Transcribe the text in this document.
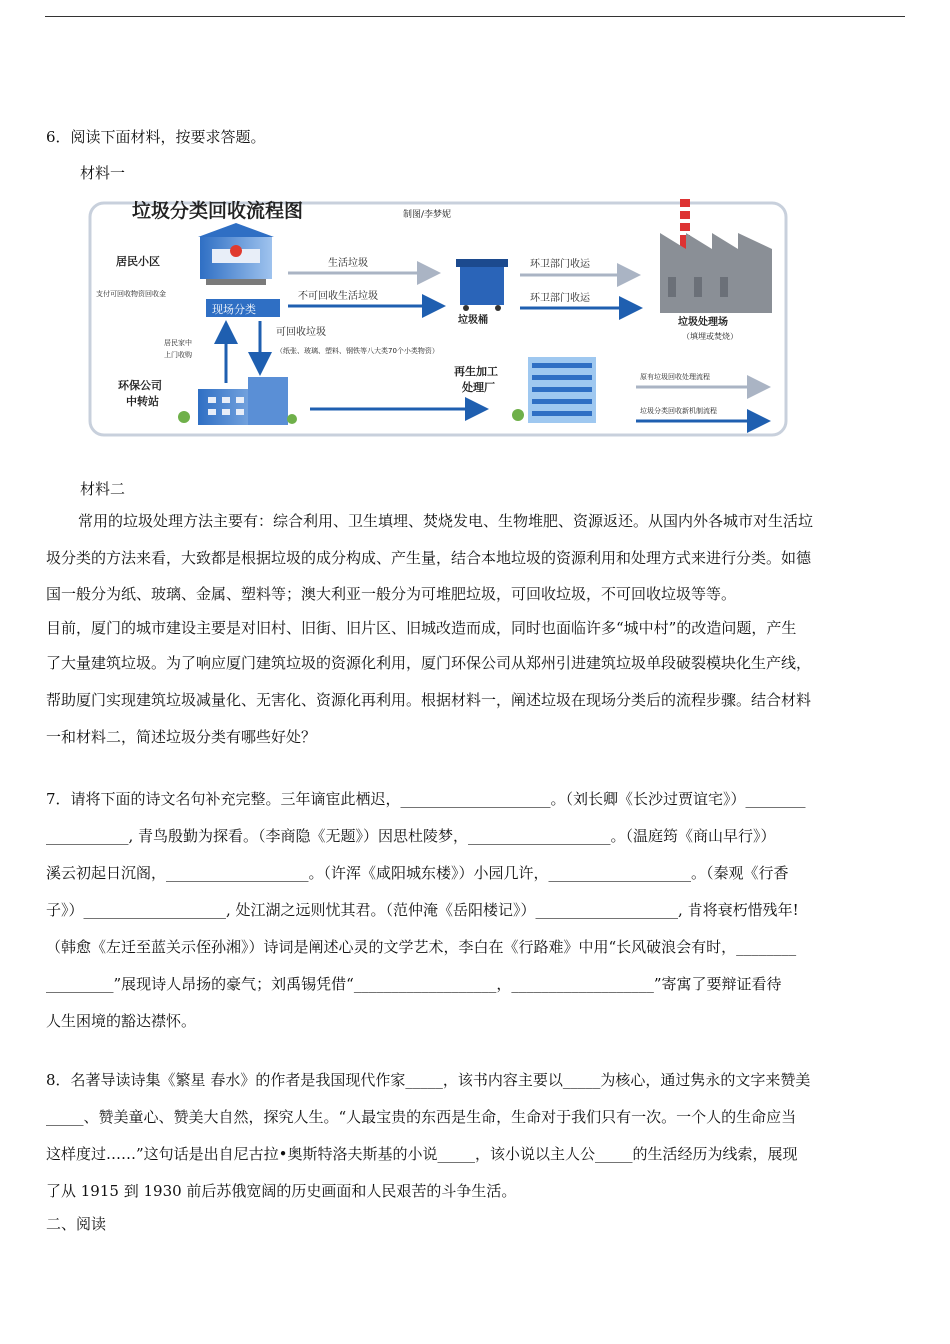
6．阅读下面材料，按要求答题。
材料一
垃圾分类回收流程图	制图/李梦妮
居民小区
支付可回收物资回收金
现场分类
生活垃圾
不可回收生活垃圾
垃圾桶
环卫部门收运
环卫部门收运
垃圾处理场
（填埋或焚烧）
居民家中
上门收购
可回收垃圾
（纸张、玻璃、塑料、钢铁等八大类70个小类物资）
环保公司
中转站
再生加工
处理厂
原有垃圾回收处理流程
垃圾分类回收新机制流程
材料二
常用的垃圾处理方法主要有：综合利用、卫生填埋、焚烧发电、生物堆肥、资源返还。从国内外各城市对生活垃
圾分类的方法来看，大致都是根据垃圾的成分构成、产生量，结合本地垃圾的资源利用和处理方式来进行分类。如德
国一般分为纸、玻璃、金属、塑料等；澳大利亚一般分为可堆肥垃圾，可回收垃圾，不可回收垃圾等等。
目前，厦门的城市建设主要是对旧村、旧街、旧片区、旧城改造而成，同时也面临许多“城中村”的改造问题，产生
了大量建筑垃圾。为了响应厦门建筑垃圾的资源化利用，厦门环保公司从郑州引进建筑垃圾单段破裂模块化生产线，
帮助厦门实现建筑垃圾减量化、无害化、资源化再利用。根据材料一，阐述垃圾在现场分类后的流程步骤。结合材料
一和材料二，简述垃圾分类有哪些好处？
7．请将下面的诗文名句补充完整。三年谪宦此栖迟，____________________。（刘长卿《长沙过贾谊宅》）________
___________, 青鸟殷勤为探看。（李商隐《无题》）因思杜陵梦，___________________。（温庭筠《商山早行》）
溪云初起日沉阁，___________________。（许浑《咸阳城东楼》）小园几许，___________________。（秦观《行香
子》）___________________, 处江湖之远则忧其君。（范仲淹《岳阳楼记》）___________________, 肯将衰朽惜残年!
（韩愈《左迁至蓝关示侄孙湘》）诗词是阐述心灵的文学艺术，李白在《行路难》中用“长风破浪会有时，________
_________”展现诗人昂扬的豪气；刘禹锡凭借“___________________，___________________”寄寓了要辩证看待
人生困境的豁达襟怀。
8．名著导读诗集《繁星 春水》的作者是我国现代作家_____，该书内容主要以_____为核心，通过隽永的文字来赞美
_____、赞美童心、赞美大自然，探究人生。“人最宝贵的东西是生命，生命对于我们只有一次。一个人的生命应当
这样度过……”这句话是出自尼古拉•奥斯特洛夫斯基的小说_____，该小说以主人公_____的生活经历为线索，展现
了从 1915 到 1930 前后苏俄宽阔的历史画面和人民艰苦的斗争生活。
二、阅读
